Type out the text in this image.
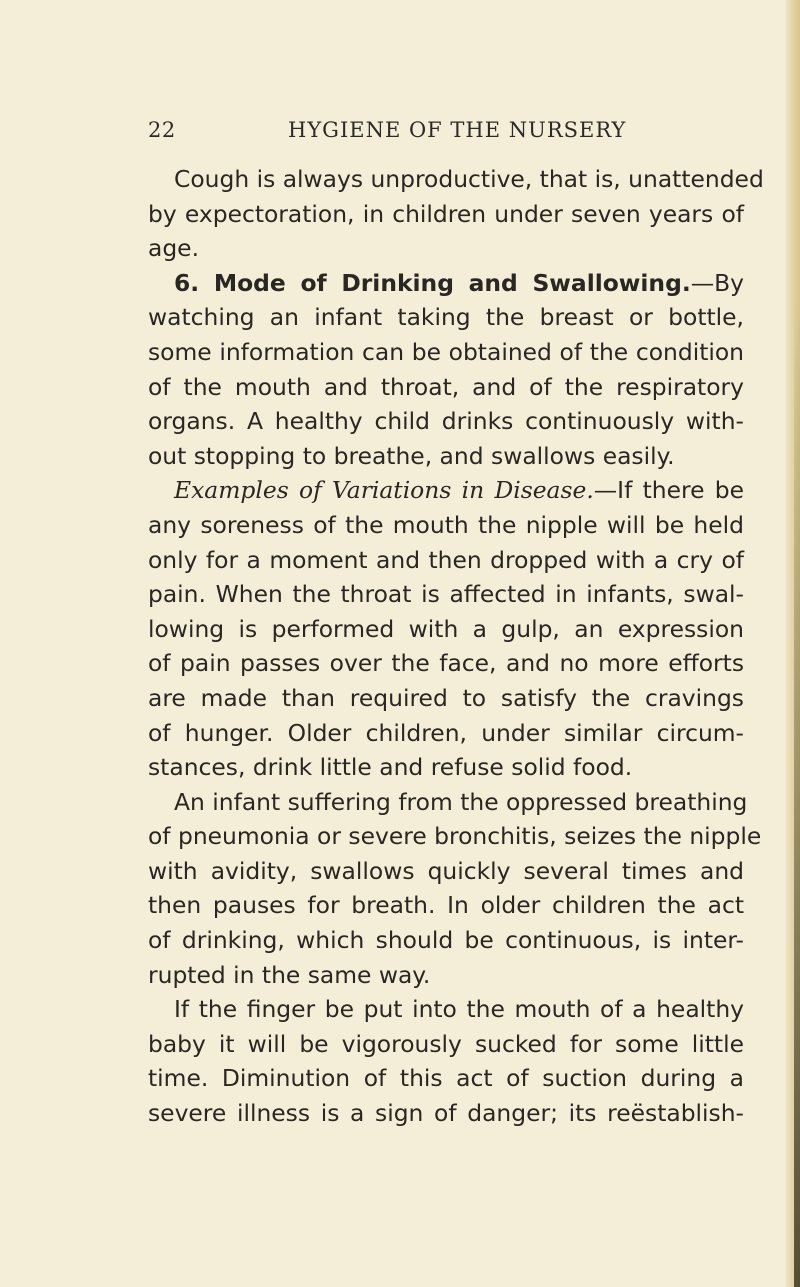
22	HYGIENE OF THE NURSERY
Cough is always unproductive, that is, unattended
by expectoration, in children under seven years of
age.
6. Mode of Drinking and Swallowing.—By
watching an infant taking the breast or bottle,
some information can be obtained of the condition
of the mouth and throat, and of the respiratory
organs. A healthy child drinks continuously with-
out stopping to breathe, and swallows easily.
Examples of Variations in Disease.—If there be
any soreness of the mouth the nipple will be held
only for a moment and then dropped with a cry of
pain. When the throat is affected in infants, swal-
lowing is performed with a gulp, an expression
of pain passes over the face, and no more efforts
are made than required to satisfy the cravings
of hunger. Older children, under similar circum-
stances, drink little and refuse solid food.
An infant suffering from the oppressed breathing
of pneumonia or severe bronchitis, seizes the nipple
with avidity, swallows quickly several times and
then pauses for breath. In older children the act
of drinking, which should be continuous, is inter-
rupted in the same way.
If the finger be put into the mouth of a healthy
baby it will be vigorously sucked for some little
time. Diminution of this act of suction during a
severe illness is a sign of danger; its reëstablish-
